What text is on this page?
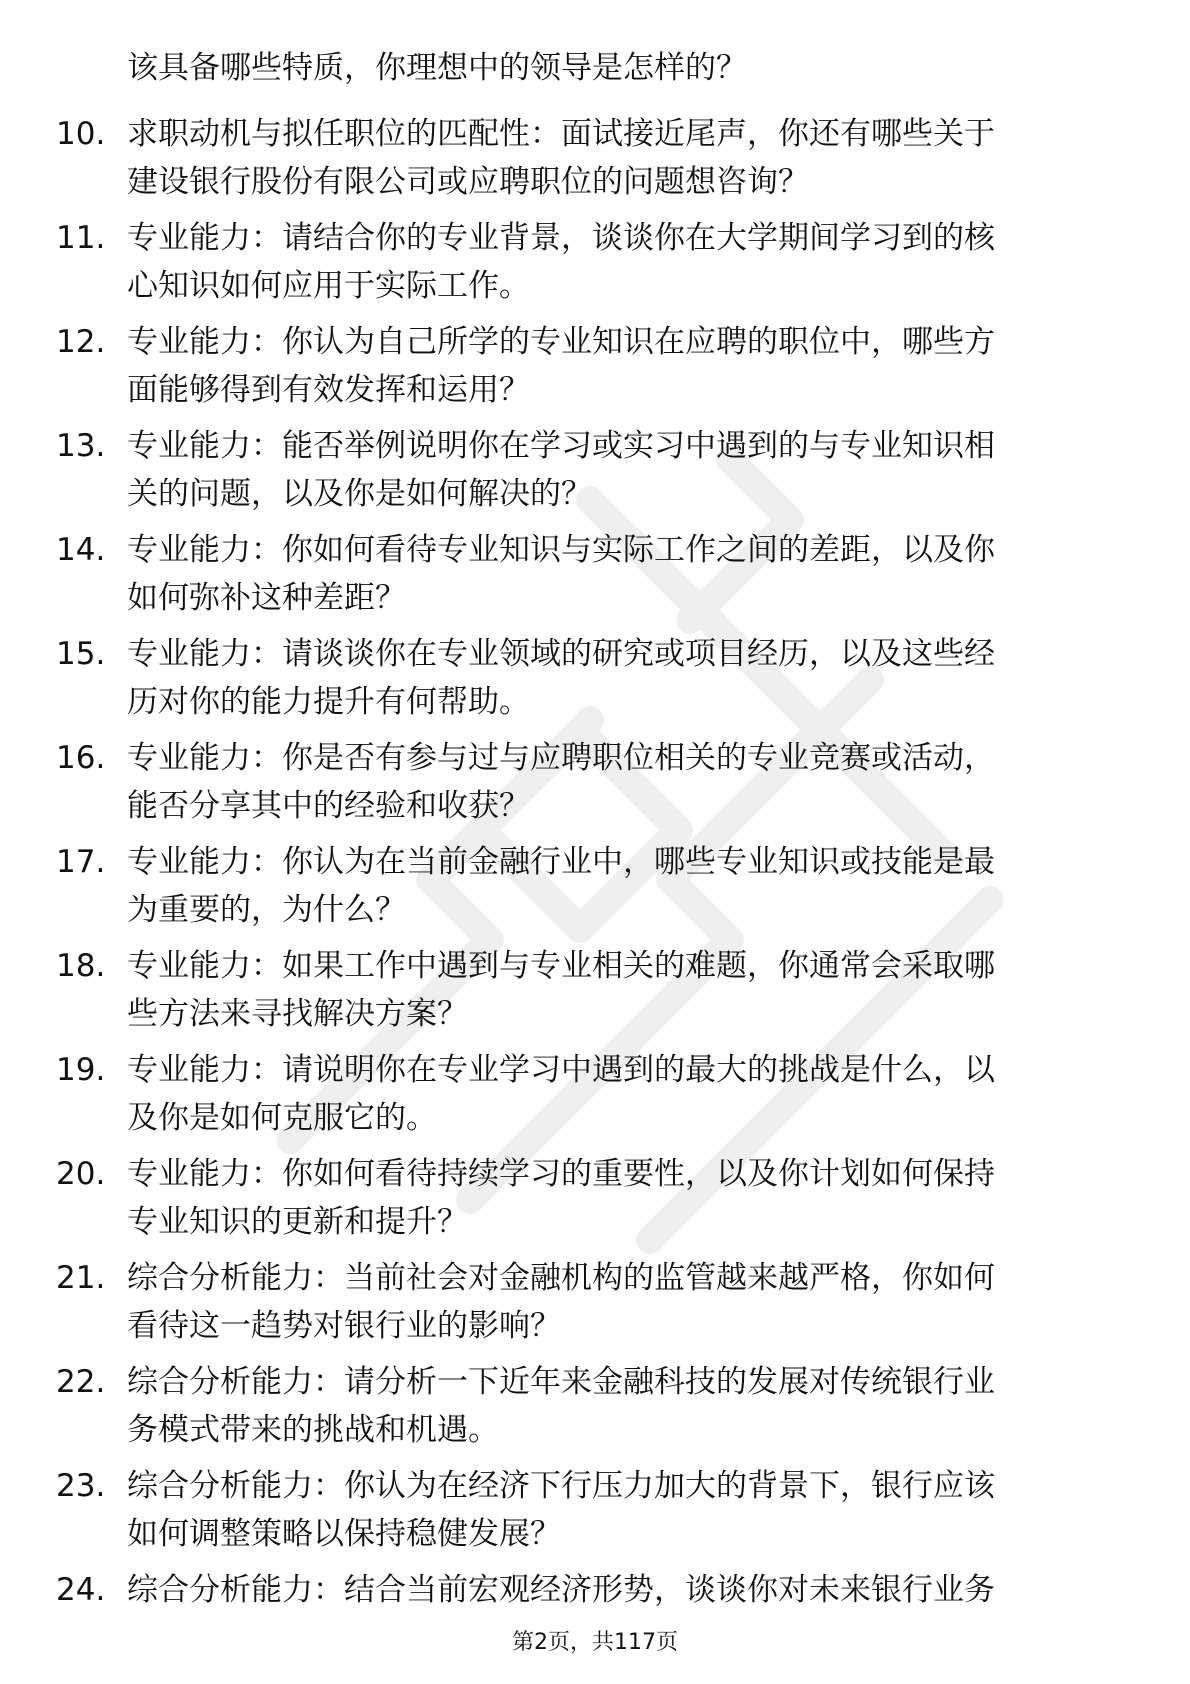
该具备哪些特质，你理想中的领导是怎样的？
10. 求职动机与拟任职位的匹配性：面试接近尾声，你还有哪些关于
建设银行股份有限公司或应聘职位的问题想咨询？
11. 专业能力：请结合你的专业背景，谈谈你在大学期间学习到的核
心知识如何应用于实际工作。
12. 专业能力：你认为自己所学的专业知识在应聘的职位中，哪些方
面能够得到有效发挥和运用？
13. 专业能力：能否举例说明你在学习或实习中遇到的与专业知识相
关的问题，以及你是如何解决的？
14. 专业能力：你如何看待专业知识与实际工作之间的差距，以及你
如何弥补这种差距？
15. 专业能力：请谈谈你在专业领域的研究或项目经历，以及这些经
历对你的能力提升有何帮助。
16. 专业能力：你是否有参与过与应聘职位相关的专业竞赛或活动，
能否分享其中的经验和收获？
17. 专业能力：你认为在当前金融行业中，哪些专业知识或技能是最
为重要的，为什么？
18. 专业能力：如果工作中遇到与专业相关的难题，你通常会采取哪
些方法来寻找解决方案？
19. 专业能力：请说明你在专业学习中遇到的最大的挑战是什么，以
及你是如何克服它的。
20. 专业能力：你如何看待持续学习的重要性，以及你计划如何保持
专业知识的更新和提升？
21. 综合分析能力：当前社会对金融机构的监管越来越严格，你如何
看待这一趋势对银行业的影响？
22. 综合分析能力：请分析一下近年来金融科技的发展对传统银行业
务模式带来的挑战和机遇。
23. 综合分析能力：你认为在经济下行压力加大的背景下，银行应该
如何调整策略以保持稳健发展？
24. 综合分析能力：结合当前宏观经济形势，谈谈你对未来银行业务
第2页，共117页
